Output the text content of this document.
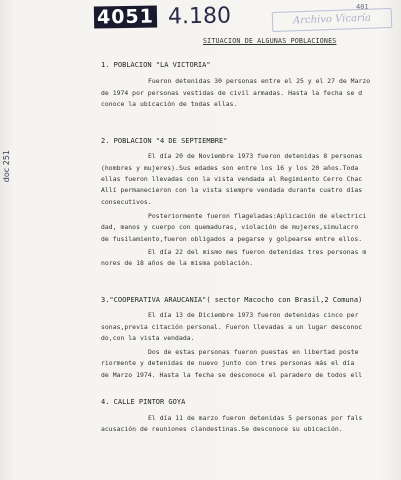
4051 4.180	401
Archivo Vicaría
doc 251
SITUACION DE ALGUNAS POBLACIONES
1. POBLACION "LA VICTORIA"
Fueron detenidas 30 personas entre el 25 y el 27 de Marzo
de 1974 por personas vestidas de civil armadas. Hasta la fecha se d
conoce la ubicación de todas ellas.
2. POBLACION "4 DE SEPTIEMBRE"
El día 20 de Noviembre 1973 fueron detenidas 8 personas
(hombres y mujeres).Sus edades son entre los 16 y los 20 años.Toda
ellas fueron llevadas con la vista vendada al Regimiento Cerro Chac
Allí permanecieron con la vista siempre vendada durante cuatro días
consecutivos.
Posteriormente fueron flageladas:Aplicación de electrici
dad, manos y cuerpo con quemaduras, violación de mujeres,simulacro
de fusilamiento,fueron obligados a pegarse y golpearse entre ellos.
El día 22 del mismo mes fueron detenidas tres personas m
nores de 18 años de la misma población.
3."COOPERATIVA ARAUCANIA"( sector Macocho con Brasil,2 Comuna)
El día 13 de Diciembre 1973 fueron detenidas cinco per
sonas,previa citación personal. Fueron llevadas a un lugar desconoc
do,con la vista vendada.
Dos de estas personas fueron puestas en libertad poste
riormente y detenidas de nuevo junto con tres personas más el día
de Marzo 1974. Hasta la fecha se desconoce el paradero de todos ell
4. CALLE PINTOR GOYA
El día 11 de marzo fueron detenidas 5 personas por fals
acusación de reuniones clandestinas.Se desconoce su ubicación.
